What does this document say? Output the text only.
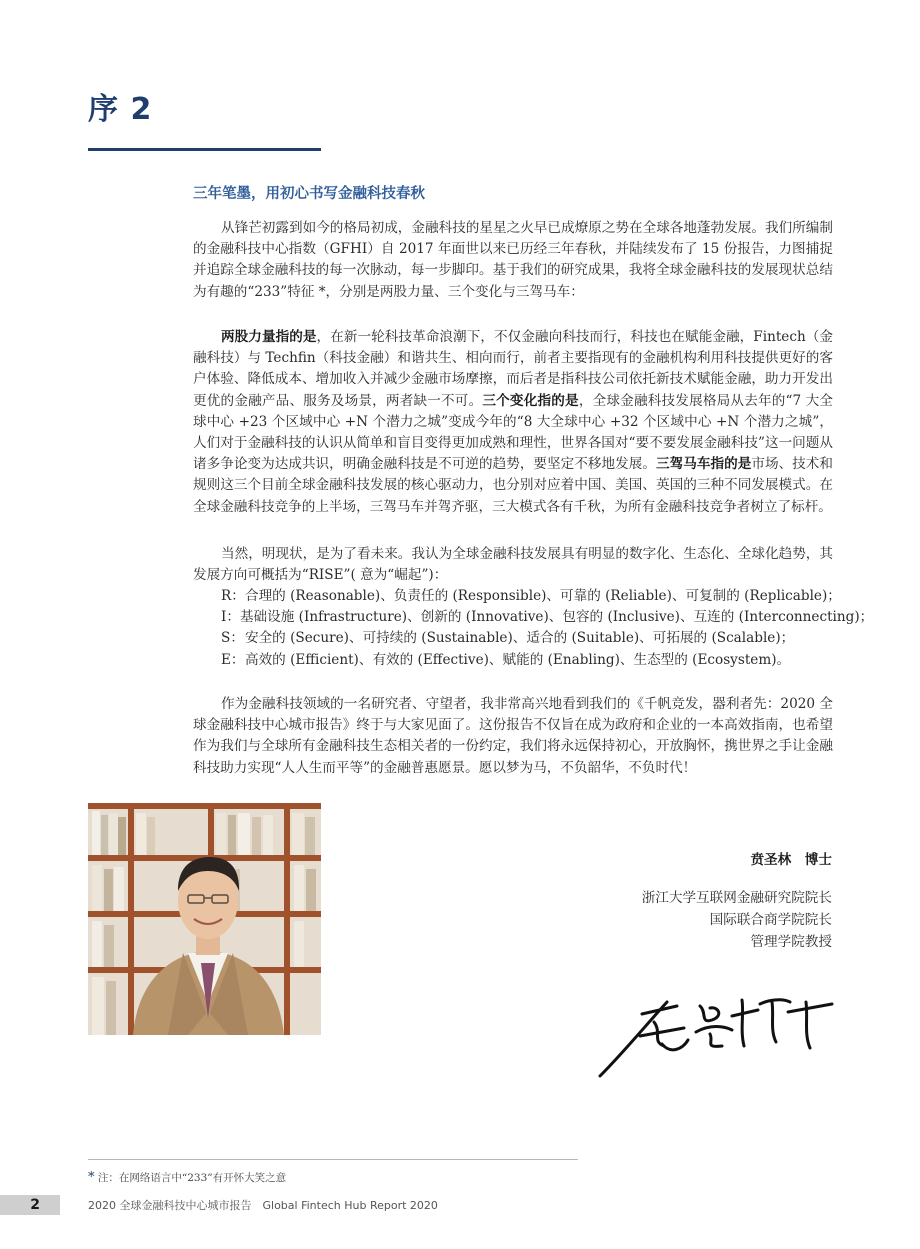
序 2
三年笔墨，用初心书写金融科技春秋

从锋芒初露到如今的格局初成，金融科技的星星之火早已成燎原之势在全球各地蓬勃发展。我们所编制的金融科技中心指数（GFHI）自 2017 年面世以来已历经三年春秋，并陆续发布了 15 份报告，力图捕捉并追踪全球金融科技的每一次脉动，每一步脚印。基于我们的研究成果，我将全球金融科技的发展现状总结为有趣的“233”特征 *，分别是两股力量、三个变化与三驾马车：

两股力量指的是，在新一轮科技革命浪潮下，不仅金融向科技而行，科技也在赋能金融，Fintech（金融科技）与 Techfin（科技金融）和谐共生、相向而行，前者主要指现有的金融机构利用科技提供更好的客户体验、降低成本、增加收入并减少金融市场摩擦，而后者是指科技公司依托新技术赋能金融，助力开发出更优的金融产品、服务及场景，两者缺一不可。三个变化指的是，全球金融科技发展格局从去年的“7 大全球中心 +23 个区域中心 +N 个潜力之城”变成今年的“8 大全球中心 +32 个区域中心 +N 个潜力之城”，人们对于金融科技的认识从简单和盲目变得更加成熟和理性，世界各国对“要不要发展金融科技”这一问题从诸多争论变为达成共识，明确金融科技是不可逆的趋势，要坚定不移地发展。三驾马车指的是市场、技术和规则这三个目前全球金融科技发展的核心驱动力，也分别对应着中国、美国、英国的三种不同发展模式。在全球金融科技竞争的上半场，三驾马车并驾齐驱，三大模式各有千秋，为所有金融科技竞争者树立了标杆。

当然，明现状，是为了看未来。我认为全球金融科技发展具有明显的数字化、生态化、全球化趋势，其发展方向可概括为“RISE”( 意为“崛起”)：

R： 合理的 (Reasonable)、负责任的 (Responsible)、可靠的 (Reliable)、可复制的 (Replicable)；
I： 基础设施 (Infrastructure)、创新的 (Innovative)、包容的 (Inclusive)、互连的 (Interconnecting)；
S： 安全的 (Secure)、可持续的 (Sustainable)、适合的 (Suitable)、可拓展的 (Scalable)；
E： 高效的 (Efficient)、有效的 (Effective)、赋能的 (Enabling)、生态型的 (Ecosystem)。

作为金融科技领域的一名研究者、守望者，我非常高兴地看到我们的《千帆竞发，器利者先：2020 全球金融科技中心城市报告》终于与大家见面了。这份报告不仅旨在成为政府和企业的一本高效指南，也希望作为我们与全球所有金融科技生态相关者的一份约定，我们将永远保持初心，开放胸怀，携世界之手让金融科技助力实现“人人生而平等”的金融普惠愿景。愿以梦为马，不负韶华，不负时代！

贲圣林　博士
浙江大学互联网金融研究院院长
国际联合商学院院长
管理学院教授
* 注：在网络语言中“233”有开怀大笑之意
2	2020 全球金融科技中心城市报告　Global Fintech Hub Report 2020
